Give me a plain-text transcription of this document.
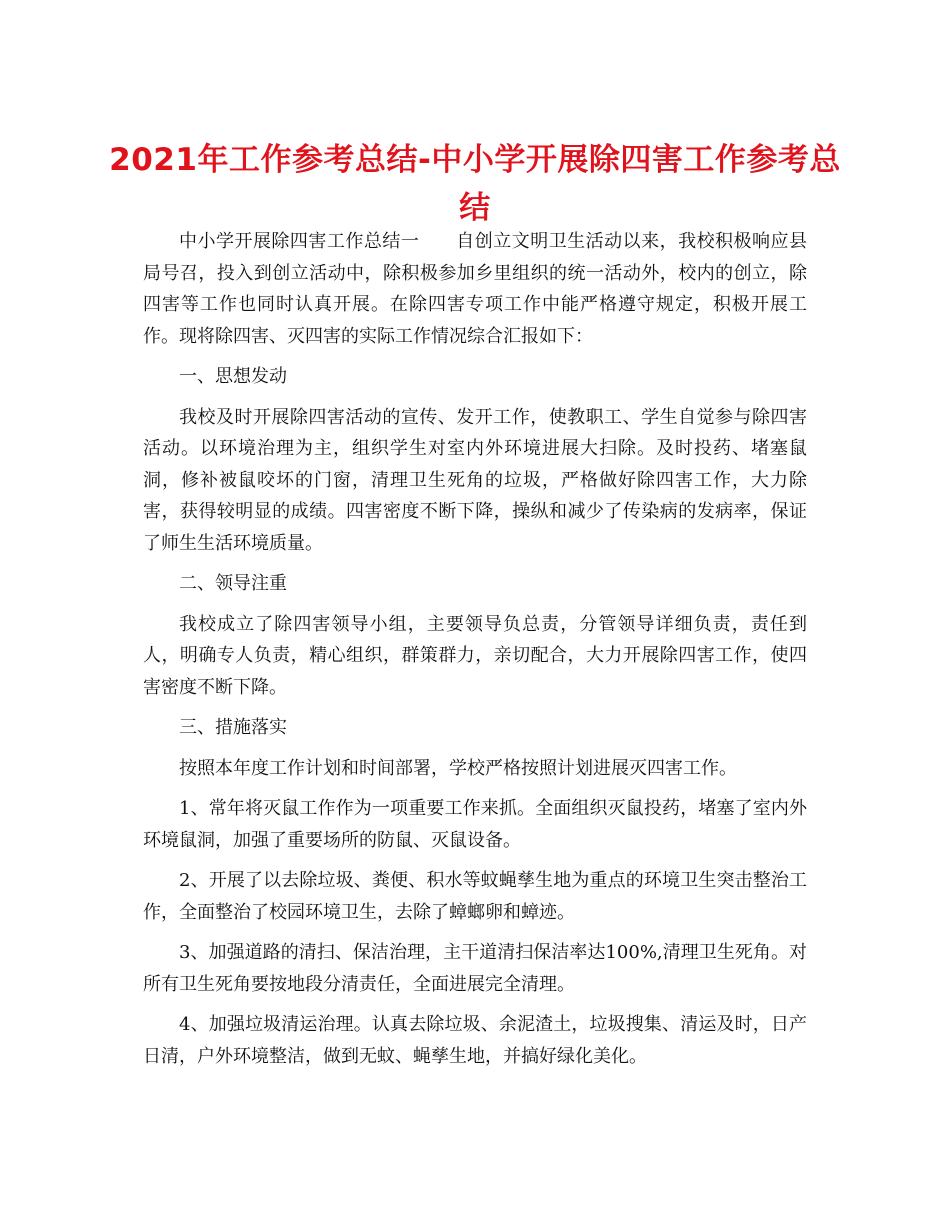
2021年工作参考总结-中小学开展除四害工作参考总结

中小学开展除四害工作总结一　　自创立文明卫生活动以来，我校积极响应县局号召，投入到创立活动中，除积极参加乡里组织的统一活动外，校内的创立，除四害等工作也同时认真开展。在除四害专项工作中能严格遵守规定，积极开展工作。现将除四害、灭四害的实际工作情况综合汇报如下：

一、思想发动

我校及时开展除四害活动的宣传、发开工作，使教职工、学生自觉参与除四害活动。以环境治理为主，组织学生对室内外环境进展大扫除。及时投药、堵塞鼠洞，修补被鼠咬坏的门窗，清理卫生死角的垃圾，严格做好除四害工作，大力除害，获得较明显的成绩。四害密度不断下降，操纵和减少了传染病的发病率，保证了师生生活环境质量。

二、领导注重

我校成立了除四害领导小组，主要领导负总责，分管领导详细负责，责任到人，明确专人负责，精心组织，群策群力，亲切配合，大力开展除四害工作，使四害密度不断下降。

三、措施落实

按照本年度工作计划和时间部署，学校严格按照计划进展灭四害工作。

1、常年将灭鼠工作作为一项重要工作来抓。全面组织灭鼠投药，堵塞了室内外环境鼠洞，加强了重要场所的防鼠、灭鼠设备。

2、开展了以去除垃圾、粪便、积水等蚊蝇孳生地为重点的环境卫生突击整治工作，全面整治了校园环境卫生，去除了蟑螂卵和蟑迹。

3、加强道路的清扫、保洁治理，主干道清扫保洁率达100%,清理卫生死角。对所有卫生死角要按地段分清责任，全面进展完全清理。

4、加强垃圾清运治理。认真去除垃圾、余泥渣土，垃圾搜集、清运及时，日产日清，户外环境整洁，做到无蚊、蝇孳生地，并搞好绿化美化。
